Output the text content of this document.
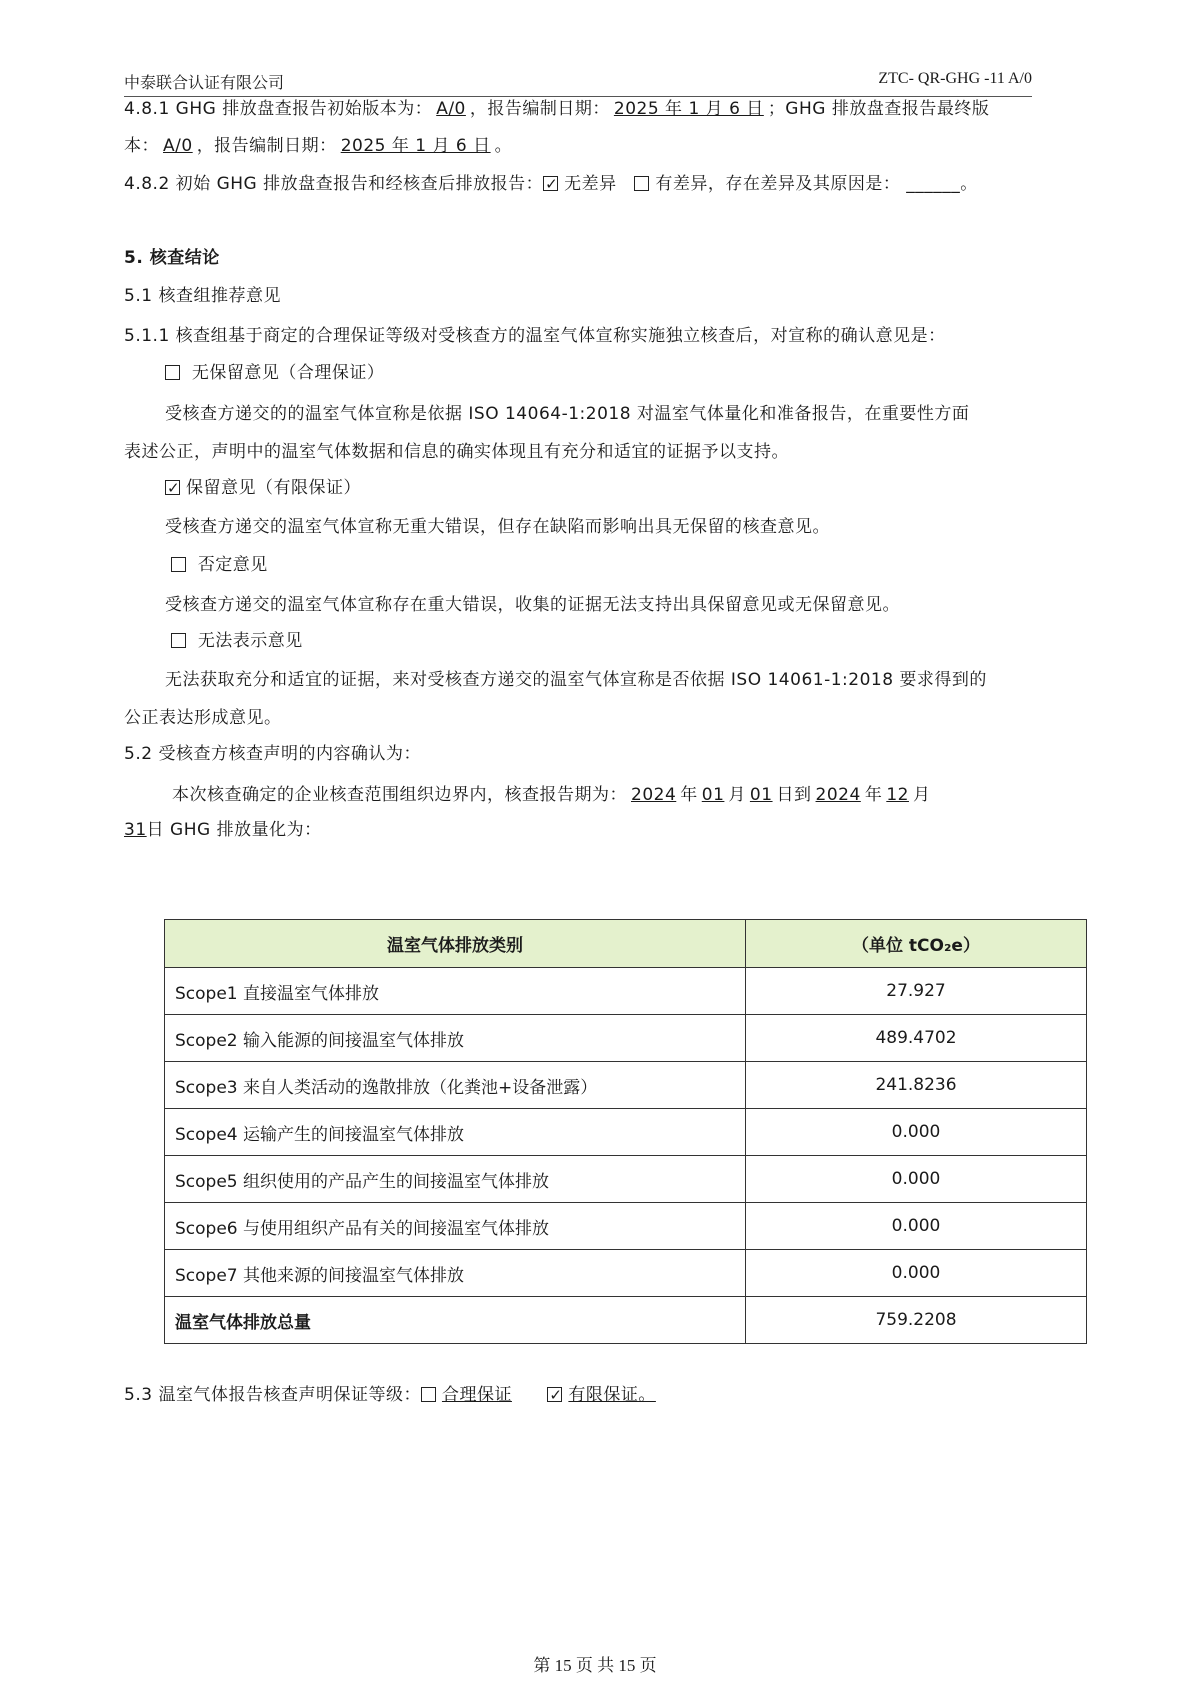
中泰联合认证有限公司	ZTC- QR-GHG -11 A/0
4.8.1 GHG 排放盘查报告初始版本为： A/0 ，报告编制日期： 2025 年 1 月 6 日 ；GHG 排放盘查报告最终版
本： A/0 ，报告编制日期： 2025 年 1 月 6 日 。
4.8.2 初始 GHG 排放盘查报告和经核查后排放报告： ✓ 无差异 有差异，存在差异及其原因是： ______。
5. 核查结论
5.1 核查组推荐意见
5.1.1 核查组基于商定的合理保证等级对受核查方的温室气体宣称实施独立核查后，对宣称的确认意见是：
无保留意见（合理保证）
受核查方递交的的温室气体宣称是依据 ISO 14064-1:2018 对温室气体量化和准备报告，在重要性方面
表述公正，声明中的温室气体数据和信息的确实体现且有充分和适宜的证据予以支持。
✓保留意见（有限保证）
受核查方递交的温室气体宣称无重大错误，但存在缺陷而影响出具无保留的核查意见。
否定意见
受核查方递交的温室气体宣称存在重大错误，收集的证据无法支持出具保留意见或无保留意见。
无法表示意见
无法获取充分和适宜的证据，来对受核查方递交的温室气体宣称是否依据 ISO 14061-1:2018 要求得到的
公正表达形成意见。
5.2 受核查方核查声明的内容确认为：
本次核查确定的企业核查范围组织边界内，核查报告期为： 2024 年 01 月 01 日到 2024 年 12 月
31日 GHG 排放量化为：
温室气体排放类别	（单位 tCO₂e）
Scope1 直接温室气体排放	27.927
Scope2 输入能源的间接温室气体排放	489.4702
Scope3 来自人类活动的逸散排放（化粪池+设备泄露）	241.8236
Scope4 运输产生的间接温室气体排放	0.000
Scope5 组织使用的产品产生的间接温室气体排放	0.000
Scope6 与使用组织产品有关的间接温室气体排放	0.000
Scope7 其他来源的间接温室气体排放	0.000
温室气体排放总量	759.2208
5.3 温室气体报告核查声明保证等级： 合理保证 ✓	有限保证。
第 15 页 共 15 页
